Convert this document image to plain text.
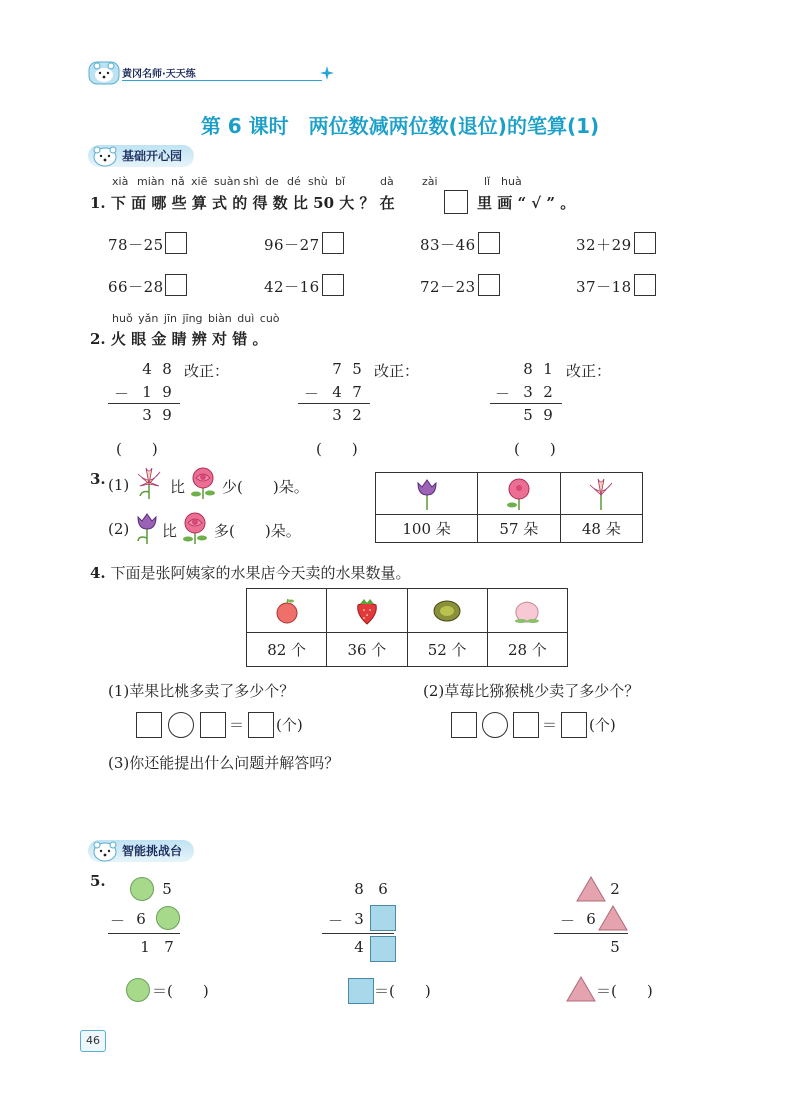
黄冈名师·天天练
第 6 课时　两位数减两位数(退位)的笔算(1)
基础开心园
xià miàn nǎ xiē suàn shì de dé shù bǐ	dà	zài	lǐ huà
1. 下 面 哪 些 算 式 的 得 数 比 50 大 ？ 在	里 画 “ √ ” 。
78－25	96－27	83－46	32＋29
66－28	42－16	72－23	37－18
huǒ yǎn jīn jīng biàn duì cuò
2. 火 眼 金 睛 辨 对 错 。
4 8 改正：
－ 1 9
3 9
(　　)
7 5 改正：
－ 4 7
3 2
(　　)
8 1 改正：
－ 3 2
5 9
(　　)
3. (1)	比 少(　　)朵。
(2) 比 多(　　)朵。
			100 朵	57 朵	48 朵
4. 下面是张阿姨家的水果店今天卖的水果数量。

82 个	36 个	52 个	28 个
(1)苹果比桃多卖了多少个？	(2)草莓比猕猴桃少卖了多少个？
＝ (个)	＝ (个)
(3)你还能提出什么问题并解答吗？
智能挑战台
5.	5
－ 6
1 7
＝(　　)
8 6
－ 3
4
＝(　　)
2
－ 6
5
＝(　　)
46
